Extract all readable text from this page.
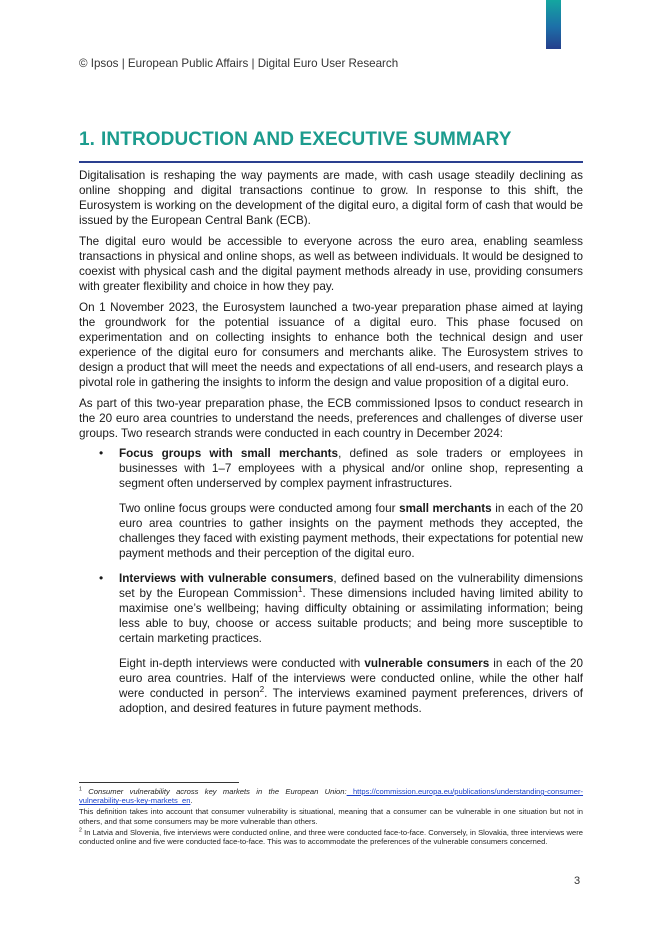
© Ipsos | European Public Affairs | Digital Euro User Research
1. INTRODUCTION AND EXECUTIVE SUMMARY

Digitalisation is reshaping the way payments are made, with cash usage steadily declining as online shopping and digital transactions continue to grow. In response to this shift, the Eurosystem is working on the development of the digital euro, a digital form of cash that would be issued by the European Central Bank (ECB).

The digital euro would be accessible to everyone across the euro area, enabling seamless transactions in physical and online shops, as well as between individuals. It would be designed to coexist with physical cash and the digital payment methods already in use, providing consumers with greater flexibility and choice in how they pay.

On 1 November 2023, the Eurosystem launched a two-year preparation phase aimed at laying the groundwork for the potential issuance of a digital euro. This phase focused on experimentation and on collecting insights to enhance both the technical design and user experience of the digital euro for consumers and merchants alike. The Eurosystem strives to design a product that will meet the needs and expectations of all end-users, and research plays a pivotal role in gathering the insights to inform the design and value proposition of a digital euro.

As part of this two-year preparation phase, the ECB commissioned Ipsos to conduct research in the 20 euro area countries to understand the needs, preferences and challenges of diverse user groups. Two research strands were conducted in each country in December 2024:

• Focus groups with small merchants, defined as sole traders or employees in businesses with 1–7 employees with a physical and/or online shop, representing a segment often underserved by complex payment infrastructures.

Two online focus groups were conducted among four small merchants in each of the 20 euro area countries to gather insights on the payment methods they accepted, the challenges they faced with existing payment methods, their expectations for potential new payment methods and their perception of the digital euro.

• Interviews with vulnerable consumers, defined based on the vulnerability dimensions set by the European Commission$^1$. These dimensions included having limited ability to maximise one’s wellbeing; having difficulty obtaining or assimilating information; being less able to buy, choose or access suitable products; and being more susceptible to certain marketing practices.

Eight in-depth interviews were conducted with vulnerable consumers in each of the 20 euro area countries. Half of the interviews were conducted online, while the other half were conducted in person$^2$. The interviews examined payment preferences, drivers of adoption, and desired features in future payment methods.

$^1$ Consumer vulnerability across key markets in the European Union: https://commission.europa.eu/publications/understanding-consumer-vulnerability-eus-key-markets_en.

This definition takes into account that consumer vulnerability is situational, meaning that a consumer can be vulnerable in one situation but not in others, and that some consumers may be more vulnerable than others.

$^2$ In Latvia and Slovenia, five interviews were conducted online, and three were conducted face-to-face. Conversely, in Slovakia, three interviews were conducted online and five were conducted face-to-face. This was to accommodate the preferences of the vulnerable consumers concerned.

3
